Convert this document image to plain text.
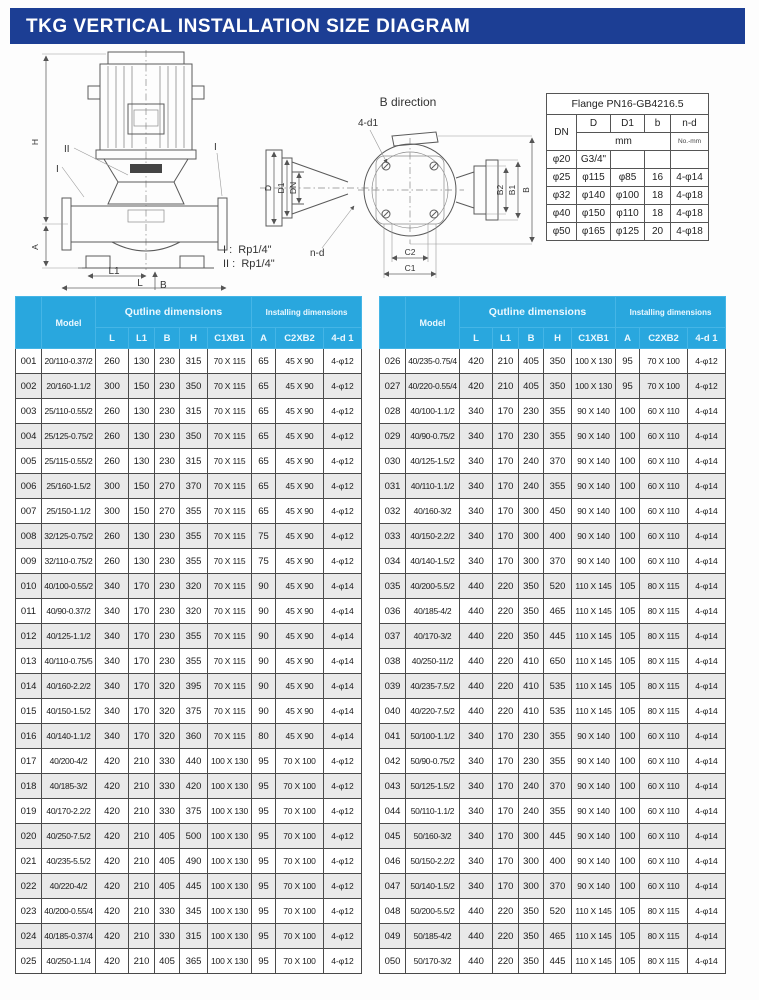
TKG VERTICAL INSTALLATION SIZE DIAGRAM
H
A
L1
L B
II
I
I
B direction
D D1 DN	B2 B1 B
C2
C1
4-d1
n-d
I :  Rp1/4"
II :  Rp1/4"
Flange PN16-GB4216.5				
DN	D	D1	b	n-d
	mm			No.-mm
φ20	G3/4"			
φ25	φ115	φ85	16	4-φ14
φ32	φ140	φ100	18	4-φ18
φ40	φ150	φ110	18	4-φ18
φ50	φ165	φ125	20	4-φ18
	Model	Qutline dimensions					Installing dimensions		
		L	L1	B	H	C1XB1	A	C2XB2	4-d 1
001	20/110-0.37/2	260	130	230	315	70 X 115	65	45 X 90	4-φ12
002	20/160-1.1/2	300	150	230	350	70 X 115	65	45 X 90	4-φ12
003	25/110-0.55/2	260	130	230	315	70 X 115	65	45 X 90	4-φ12
004	25/125-0.75/2	260	130	230	350	70 X 115	65	45 X 90	4-φ12
005	25/115-0.55/2	260	130	230	315	70 X 115	65	45 X 90	4-φ12
006	25/160-1.5/2	300	150	270	370	70 X 115	65	45 X 90	4-φ12
007	25/150-1.1/2	300	150	270	355	70 X 115	65	45 X 90	4-φ12
008	32/125-0.75/2	260	130	230	355	70 X 115	75	45 X 90	4-φ12
009	32/110-0.75/2	260	130	230	355	70 X 115	75	45 X 90	4-φ12
010	40/100-0.55/2	340	170	230	320	70 X 115	90	45 X 90	4-φ14
011	40/90-0.37/2	340	170	230	320	70 X 115	90	45 X 90	4-φ14
012	40/125-1.1/2	340	170	230	355	70 X 115	90	45 X 90	4-φ14
013	40/110-0.75/5	340	170	230	355	70 X 115	90	45 X 90	4-φ14
014	40/160-2.2/2	340	170	320	395	70 X 115	90	45 X 90	4-φ14
015	40/150-1.5/2	340	170	320	375	70 X 115	90	45 X 90	4-φ14
016	40/140-1.1/2	340	170	320	360	70 X 115	80	45 X 90	4-φ14
017	40/200-4/2	420	210	330	440	100 X 130	95	70 X 100	4-φ12
018	40/185-3/2	420	210	330	420	100 X 130	95	70 X 100	4-φ12
019	40/170-2.2/2	420	210	330	375	100 X 130	95	70 X 100	4-φ12
020	40/250-7.5/2	420	210	405	500	100 X 130	95	70 X 100	4-φ12
021	40/235-5.5/2	420	210	405	490	100 X 130	95	70 X 100	4-φ12
022	40/220-4/2	420	210	405	445	100 X 130	95	70 X 100	4-φ12
023	40/200-0.55/4	420	210	330	345	100 X 130	95	70 X 100	4-φ12
024	40/185-0.37/4	420	210	330	315	100 X 130	95	70 X 100	4-φ12
025	40/250-1.1/4	420	210	405	365	100 X 130	95	70 X 100	4-φ12
	Model	Qutline dimensions					Installing dimensions		
		L	L1	B	H	C1XB1	A	C2XB2	4-d 1
026	40/235-0.75/4	420	210	405	350	100 X 130	95	70 X 100	4-φ12
027	40/220-0.55/4	420	210	405	350	100 X 130	95	70 X 100	4-φ12
028	40/100-1.1/2	340	170	230	355	90 X 140	100	60 X 110	4-φ14
029	40/90-0.75/2	340	170	230	355	90 X 140	100	60 X 110	4-φ14
030	40/125-1.5/2	340	170	240	370	90 X 140	100	60 X 110	4-φ14
031	40/110-1.1/2	340	170	240	355	90 X 140	100	60 X 110	4-φ14
032	40/160-3/2	340	170	300	450	90 X 140	100	60 X 110	4-φ14
033	40/150-2.2/2	340	170	300	400	90 X 140	100	60 X 110	4-φ14
034	40/140-1.5/2	340	170	300	370	90 X 140	100	60 X 110	4-φ14
035	40/200-5.5/2	440	220	350	520	110 X 145	105	80 X 115	4-φ14
036	40/185-4/2	440	220	350	465	110 X 145	105	80 X 115	4-φ14
037	40/170-3/2	440	220	350	445	110 X 145	105	80 X 115	4-φ14
038	40/250-11/2	440	220	410	650	110 X 145	105	80 X 115	4-φ14
039	40/235-7.5/2	440	220	410	535	110 X 145	105	80 X 115	4-φ14
040	40/220-7.5/2	440	220	410	535	110 X 145	105	80 X 115	4-φ14
041	50/100-1.1/2	340	170	230	355	90 X 140	100	60 X 110	4-φ14
042	50/90-0.75/2	340	170	230	355	90 X 140	100	60 X 110	4-φ14
043	50/125-1.5/2	340	170	240	370	90 X 140	100	60 X 110	4-φ14
044	50/110-1.1/2	340	170	240	355	90 X 140	100	60 X 110	4-φ14
045	50/160-3/2	340	170	300	445	90 X 140	100	60 X 110	4-φ14
046	50/150-2.2/2	340	170	300	400	90 X 140	100	60 X 110	4-φ14
047	50/140-1.5/2	340	170	300	370	90 X 140	100	60 X 110	4-φ14
048	50/200-5.5/2	440	220	350	520	110 X 145	105	80 X 115	4-φ14
049	50/185-4/2	440	220	350	465	110 X 145	105	80 X 115	4-φ14
050	50/170-3/2	440	220	350	445	110 X 145	105	80 X 115	4-φ14
